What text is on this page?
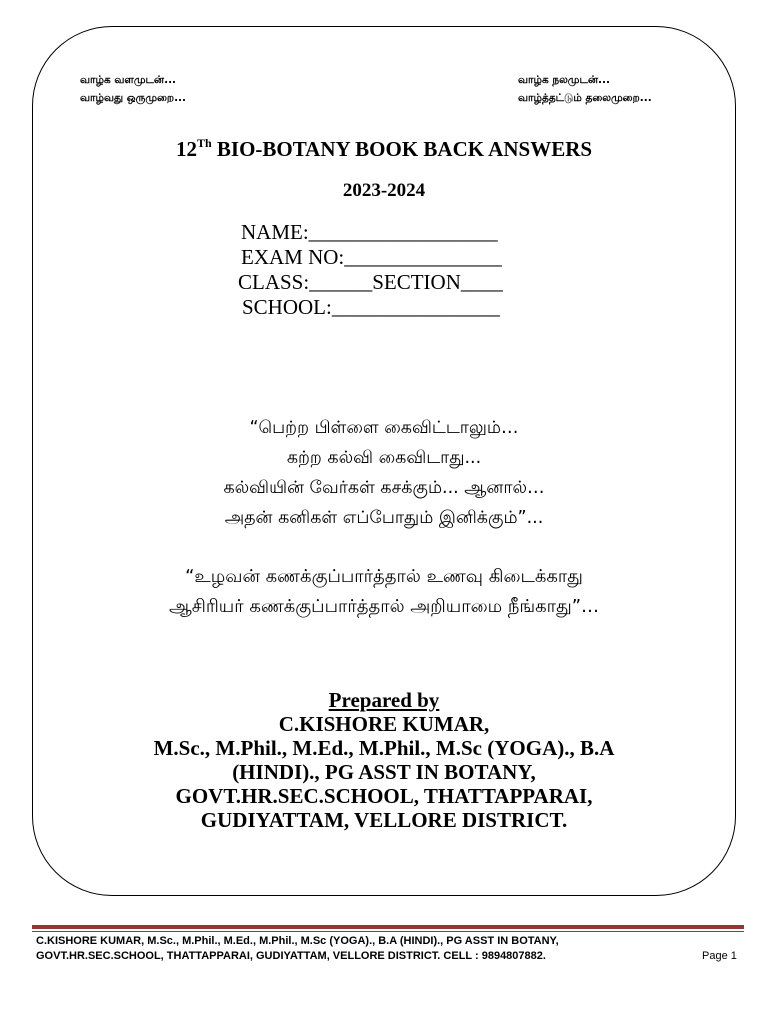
வாழ்க வளமுடன்...
வாழ்வது ஒருமுறை...
வாழ்க நலமுடன்...
வாழ்த்தட்டும் தலைமுறை...
12Th BIO-BOTANY BOOK BACK ANSWERS
2023-2024
NAME:__________________
EXAM NO:_______________
CLASS:______SECTION____
SCHOOL:________________
“பெற்ற பிள்ளை கைவிட்டாலும்…
கற்ற கல்வி கைவிடாது...
கல்வியின் வேர்கள் கசக்கும்... ஆனால்…
அதன் கனிகள் எப்போதும் இனிக்கும்”...
“உழவன் கணக்குப்பார்த்தால் உணவு கிடைக்காது
ஆசிரியர் கணக்குப்பார்த்தால் அறியாமை நீங்காது”…
Prepared by
C.KISHORE KUMAR,
M.Sc., M.Phil., M.Ed., M.Phil., M.Sc (YOGA)., B.A
(HINDI)., PG ASST IN BOTANY,
GOVT.HR.SEC.SCHOOL, THATTAPPARAI,
GUDIYATTAM, VELLORE DISTRICT.
C.KISHORE KUMAR, M.Sc., M.Phil., M.Ed., M.Phil., M.Sc (YOGA)., B.A (HINDI)., PG ASST IN BOTANY,
GOVT.HR.SEC.SCHOOL, THATTAPPARAI, GUDIYATTAM, VELLORE DISTRICT. CELL : 9894807882.	Page 1
